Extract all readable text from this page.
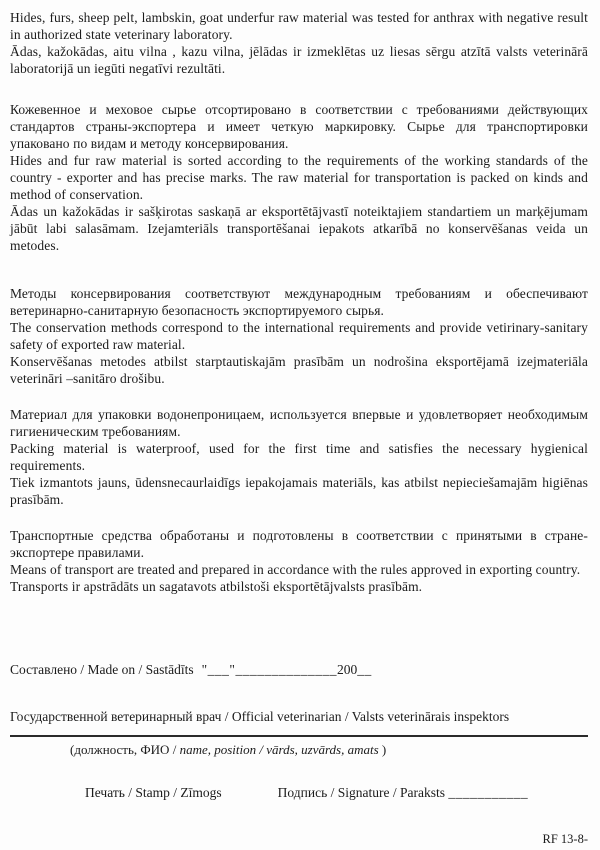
Hides, furs, sheep pelt, lambskin, goat underfur raw material was tested for anthrax with negative result in authorized state veterinary laboratory.

Ādas, kažokādas, aitu vilna , kazu vilna, jēlādas ir izmeklētas uz liesas sērgu atzītā valsts veterinārā laboratorijā un iegūti negatīvi rezultāti.

Кожевенное и меховое сырье отсортировано в соответствии с требованиями действующих стандартов страны-экспортера и имеет четкую маркировку. Сырье для транспортировки упаковано по видам и методу консервирования.

Hides and fur raw material is sorted according to the requirements of the working standards of the country - exporter and has precise marks. The raw material for transportation is packed on kinds and method of conservation.

Ādas un kažokādas ir sašķirotas saskaņā ar eksportētājvastī noteiktajiem standartiem un marķējumam jābūt labi salasāmam. Izejamteriāls transportēšanai iepakots atkarībā no konservēšanas veida un metodes.

Методы консервирования соответствуют международным требованиям и обеспечивают ветеринарно-санитарную безопасность экспортируемого сырья.

The conservation methods correspond to the international requirements and provide vetirinary-sanitary safety of exported raw material.

Konservēšanas metodes atbilst starptautiskajām prasībām un nodrošina eksportējamā izejmateriāla veterināri –sanitāro drošibu.

Материал для упаковки водонепроницаем, используется впервые и удовлетворяет необходимым гигиеническим требованиям.

Packing material is waterproof, used for the first time and satisfies the necessary hygienical requirements.

Tiek izmantots jauns, ūdensnecaurlaidīgs iepakojamais materiāls, kas atbilst nepieciešamajām higiēnas prasībām.

Транспортные средства обработаны и подготовлены в соответствии с принятыми в стране-экспортере правилами.

Means of transport are treated and prepared in accordance with the rules approved in exporting country.

Transports ir apstrādāts un sagatavots atbilstoši eksportētājvalsts prasībām.

Составлено / Made on / Sastādīts "___"______________200__

Государственной ветеринарный врач / Official veterinarian / Valsts veterinārais inspektors

(должность, ФИО / name, position / vārds, uzvārds, amats )
Печать / Stamp / Zīmogs	Подпись / Signature / Paraksts ___________
RF 13-8-
